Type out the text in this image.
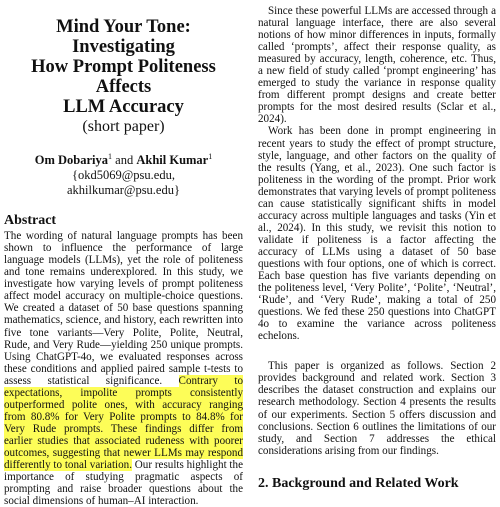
Mind Your Tone: Investigating
How Prompt Politeness Affects
LLM Accuracy
(short paper)
Om Dobariya$^1$ and Akhil Kumar$^1$
{okd5069@psu.edu,
akhilkumar@psu.edu}
Abstract

The wording of natural language prompts has been shown to influence the performance of large language models (LLMs), yet the role of politeness and tone remains underexplored. In this study, we investigate how varying levels of prompt politeness affect model accuracy on multiple-choice questions. We created a dataset of 50 base questions spanning mathematics, science, and history, each rewritten into five tone variants—Very Polite, Polite, Neutral, Rude, and Very Rude—yielding 250 unique prompts. Using ChatGPT-4o, we evaluated responses across these conditions and applied paired sample t-tests to assess statistical significance. Contrary to expectations, impolite prompts consistently outperformed polite ones, with accuracy ranging from 80.8% for Very Polite prompts to 84.8% for Very Rude prompts. These findings differ from earlier studies that associated rudeness with poorer outcomes, suggesting that newer LLMs may respond differently to tonal variation. Our results highlight the importance of studying pragmatic aspects of prompting and raise broader questions about the social dimensions of human–AI interaction.

Since these powerful LLMs are accessed through a natural language interface, there are also several notions of how minor differences in inputs, formally called ‘prompts’, affect their response quality, as measured by accuracy, length, coherence, etc. Thus, a new field of study called ‘prompt engineering’ has emerged to study the variance in response quality from different prompt designs and create better prompts for the most desired results (Sclar et al., 2024).

Work has been done in prompt engineering in recent years to study the effect of prompt structure, style, language, and other factors on the quality of the results (Yang, et al., 2023). One such factor is politeness in the wording of the prompt. Prior work demonstrates that varying levels of prompt politeness can cause statistically significant shifts in model accuracy across multiple languages and tasks (Yin et al., 2024). In this study, we revisit this notion to validate if politeness is a factor affecting the accuracy of LLMs using a dataset of 50 base questions with four options, one of which is correct. Each base question has five variants depending on the politeness level, ‘Very Polite’, ‘Polite’, ‘Neutral’, ‘Rude’, and ‘Very Rude’, making a total of 250 questions. We fed these 250 questions into ChatGPT 4o to examine the variance across politeness echelons.

This paper is organized as follows. Section 2 provides background and related work. Section 3 describes the dataset construction and explains our research methodology. Section 4 presents the results of our experiments. Section 5 offers discussion and conclusions. Section 6 outlines the limitations of our study, and Section 7 addresses the ethical considerations arising from our findings.

2. Background and Related Work
